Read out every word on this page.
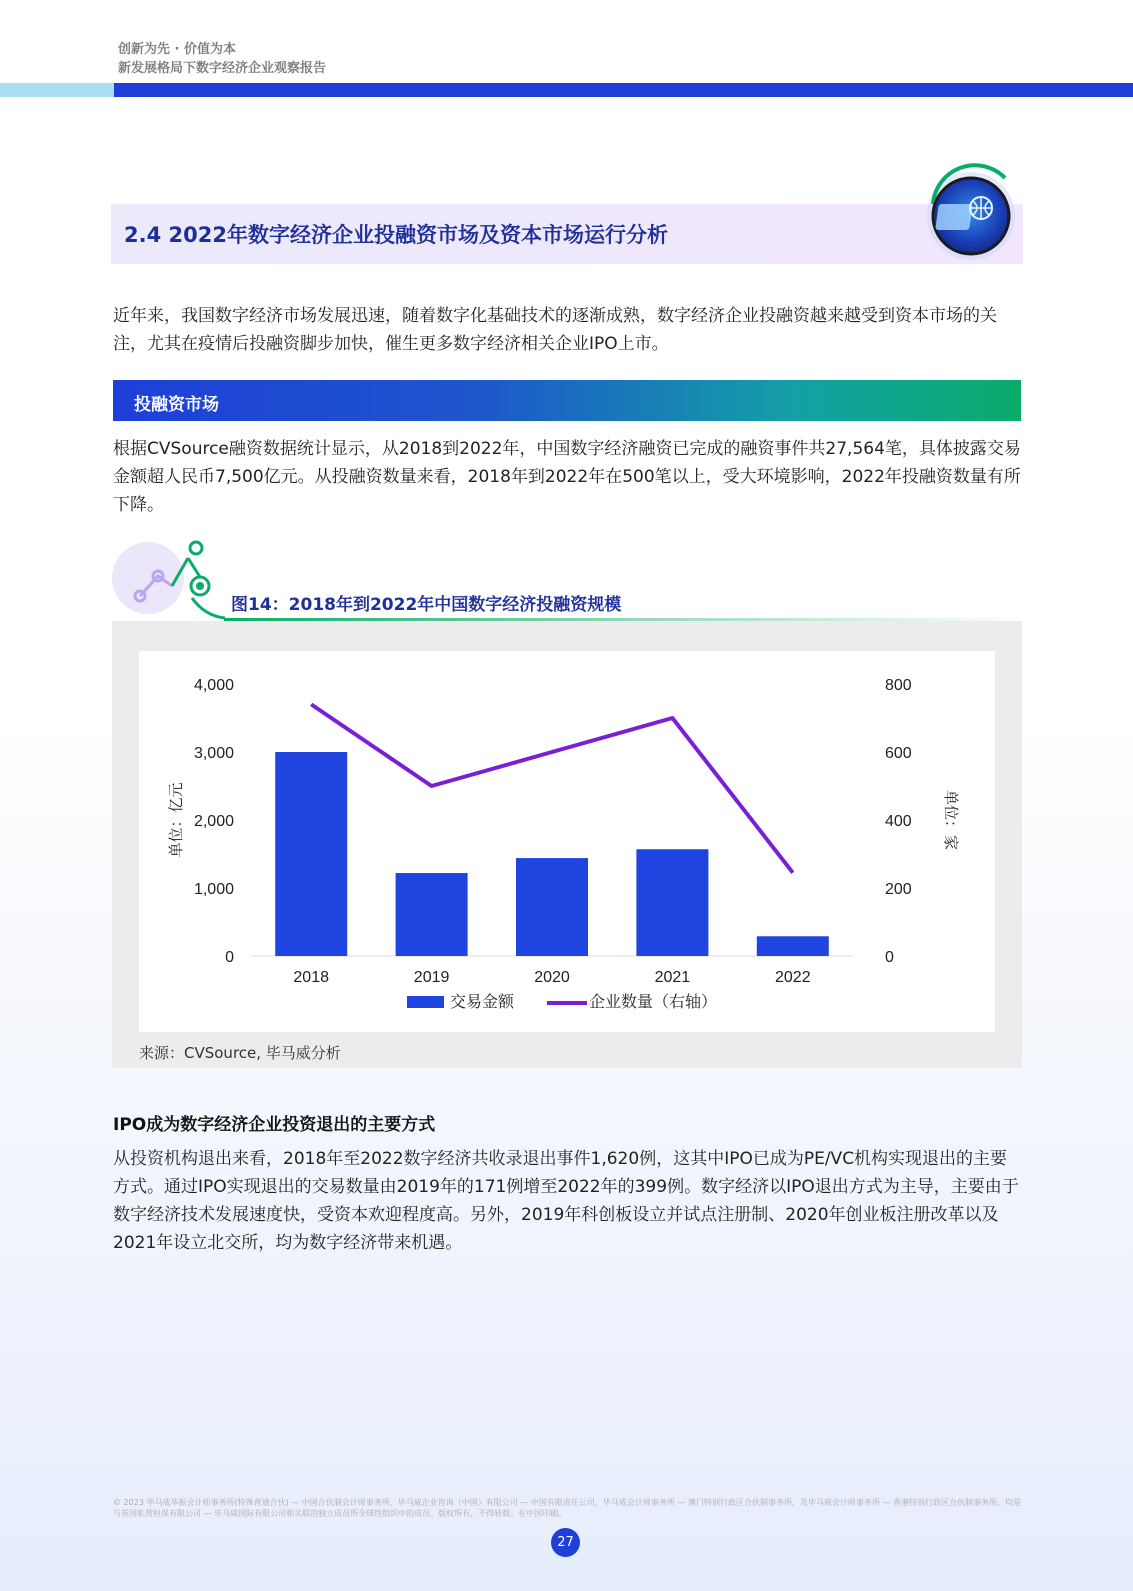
创新为先 · 价值为本
新发展格局下数字经济企业观察报告
2.4 2022年数字经济企业投融资市场及资本市场运行分析
近年来，我国数字经济市场发展迅速，随着数字化基础技术的逐渐成熟，数字经济企业投融资越来越受到资本市场的关注，尤其在疫情后投融资脚步加快，催生更多数字经济相关企业IPO上市。
投融资市场
根据CVSource融资数据统计显示，从2018到2022年，中国数字经济融资已完成的融资事件共27,564笔，具体披露交易金额超人民币7,500亿元。从投融资数量来看，2018年到2022年在500笔以上，受大环境影响，2022年投融资数量有所下降。
图14：2018年到2022年中国数字经济投融资规模
0
1,000
2,000
3,000
4,000
0
200
400
600
800
单位：亿元	单位：家
2018	2019	2020	2021	2022
交易金额	企业数量（右轴）
来源：CVSource, 毕马威分析
IPO成为数字经济企业投资退出的主要方式
从投资机构退出来看，2018年至2022数字经济共收录退出事件1,620例，这其中IPO已成为PE/VC机构实现退出的主要方式。通过IPO实现退出的交易数量由2019年的171例增至2022年的399例。数字经济以IPO退出方式为主导，主要由于数字经济技术发展速度快，受资本欢迎程度高。另外，2019年科创板设立并试点注册制、2020年创业板注册改革以及2021年设立北交所，均为数字经济带来机遇。
© 2023 毕马威华振会计师事务所(特殊普通合伙) — 中国合伙制会计师事务所，毕马威企业咨询（中国）有限公司 — 中国有限责任公司，毕马威会计师事务所 — 澳门特别行政区合伙制事务所，及毕马威会计师事务所 — 香港特别行政区合伙制事务所，均是与英国私营担保有限公司 — 毕马威国际有限公司相关联的独立成员所全球性组织中的成员。版权所有，不得转载。在中国印刷。
27
